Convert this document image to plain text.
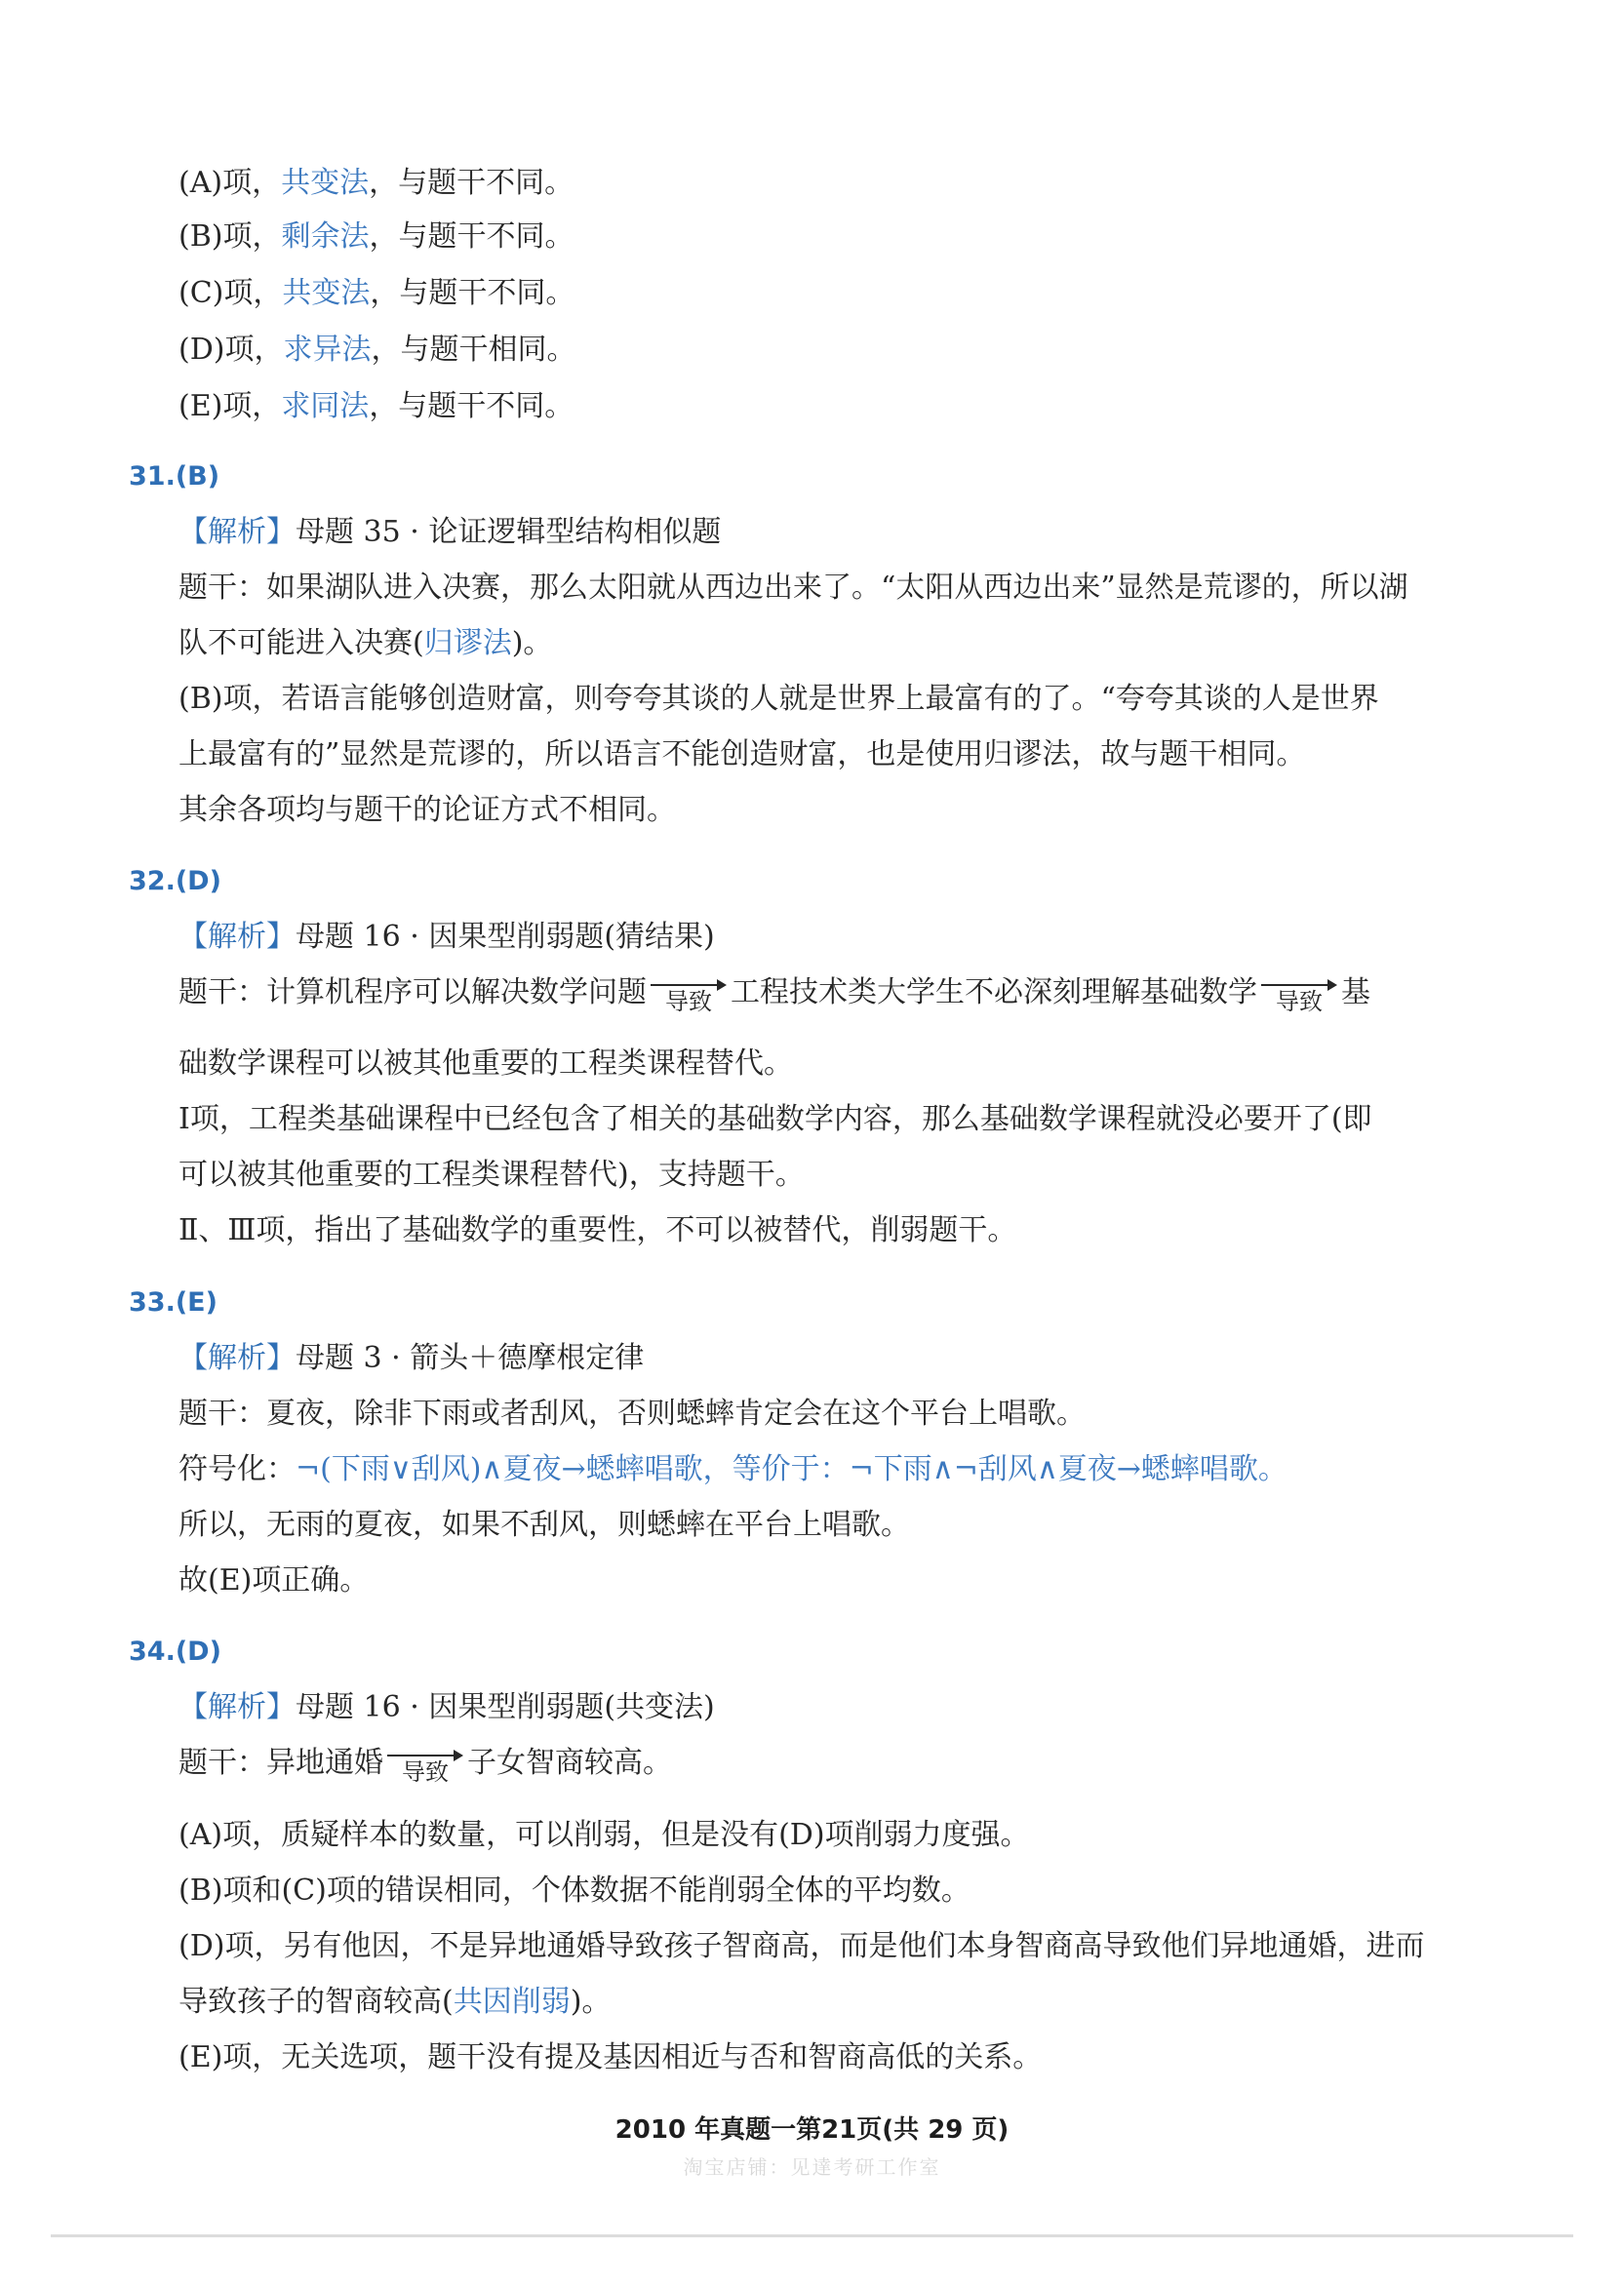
(A)项，共变法，与题干不同。
(B)项，剩余法，与题干不同。
(C)项，共变法，与题干不同。
(D)项，求异法，与题干相同。
(E)项，求同法，与题干不同。
31.(B)
【解析】母题 35 · 论证逻辑型结构相似题
题干：如果湖队进入决赛，那么太阳就从西边出来了。“太阳从西边出来”显然是荒谬的，所以湖
队不可能进入决赛(归谬法)。
(B)项，若语言能够创造财富，则夸夸其谈的人就是世界上最富有的了。“夸夸其谈的人是世界
上最富有的”显然是荒谬的，所以语言不能创造财富，也是使用归谬法，故与题干相同。
其余各项均与题干的论证方式不相同。
32.(D)
【解析】母题 16 · 因果型削弱题(猜结果)
题干：计算机程序可以解决数学问题 导致 工程技术类大学生不必深刻理解基础数学 导致 基
础数学课程可以被其他重要的工程类课程替代。
Ⅰ项，工程类基础课程中已经包含了相关的基础数学内容，那么基础数学课程就没必要开了(即
可以被其他重要的工程类课程替代)，支持题干。
Ⅱ、Ⅲ项，指出了基础数学的重要性，不可以被替代，削弱题干。
33.(E)
【解析】母题 3 · 箭头＋德摩根定律
题干：夏夜，除非下雨或者刮风，否则蟋蟀肯定会在这个平台上唱歌。
符号化：¬(下雨∨刮风)∧夏夜→蟋蟀唱歌，等价于：¬下雨∧¬刮风∧夏夜→蟋蟀唱歌。
所以，无雨的夏夜，如果不刮风，则蟋蟀在平台上唱歌。
故(E)项正确。
34.(D)
【解析】母题 16 · 因果型削弱题(共变法)
题干：异地通婚 导致 子女智商较高。
(A)项，质疑样本的数量，可以削弱，但是没有(D)项削弱力度强。
(B)项和(C)项的错误相同，个体数据不能削弱全体的平均数。
(D)项，另有他因，不是异地通婚导致孩子智商高，而是他们本身智商高导致他们异地通婚，进而
导致孩子的智商较高(共因削弱)。
(E)项，无关选项，题干没有提及基因相近与否和智商高低的关系。
2010 年真题一第21页(共 29 页)
淘宝店铺：见達考研工作室
